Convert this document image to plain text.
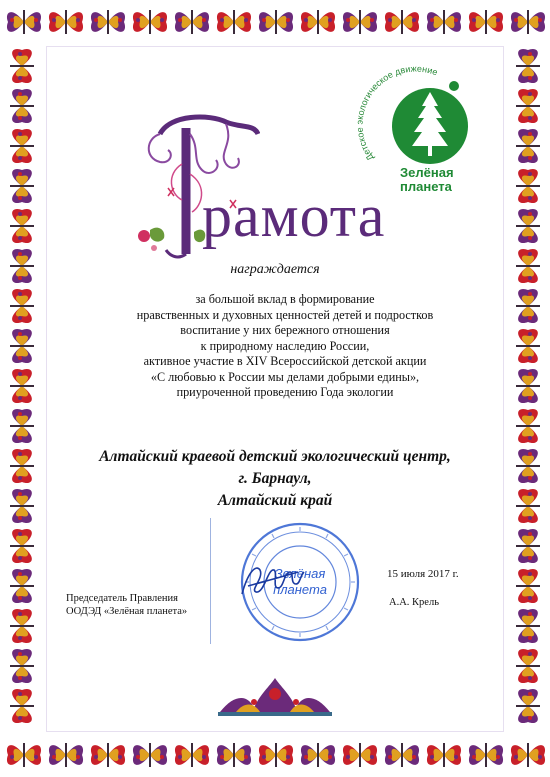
Детское экологическое движение
Зелёная
планета
рамота
награждается
за большой вклад в формирование
нравственных и духовных ценностей детей и подростков
воспитание у них бережного отношения
к природному наследию России,
активное участие в XIV Всероссийской детской акции
«С любовью к России мы делами добрыми едины»,
приуроченной проведению Года экологии
Алтайский краевой детский экологический центр,
г. Барнаул,
Алтайский край
Председатель Правления
ООДЭД «Зелёная планета»
15 июля 2017 г.
А.А. Крель
Зелёная
планета
